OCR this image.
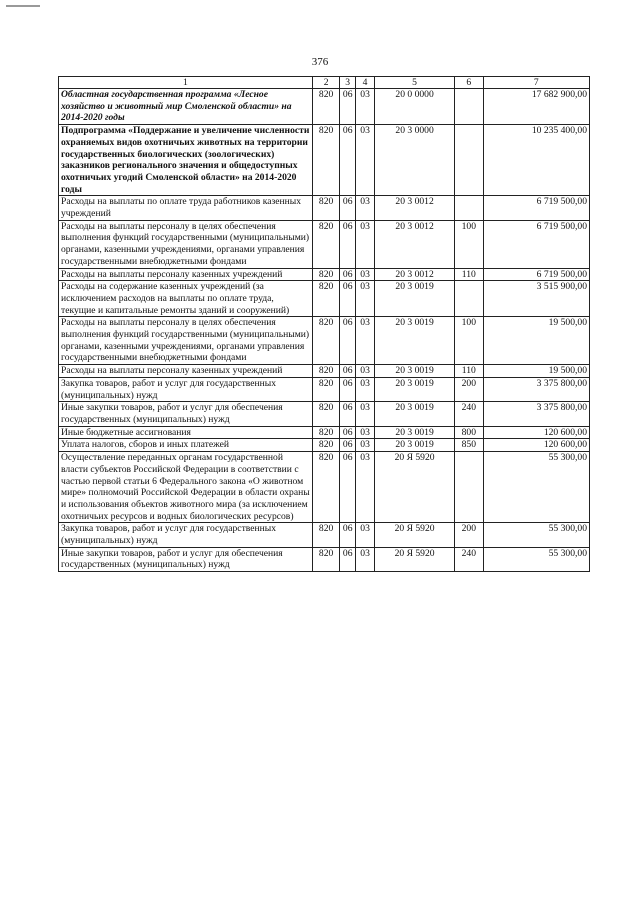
376
1	2	3	4	5	6	7
Областная государственная программа «Лесное хозяйство и животный мир Смоленской области» на 2014-2020 годы	820	06	03	20 0 0000		17 682 900,00
Подпрограмма «Поддержание и увеличение численности охраняемых видов охотничьих животных на территории государственных биологических (зоологических) заказников регионального значения и общедоступных охотничьих угодий Смоленской области» на 2014-2020 годы	820	06	03	20 3 0000		10 235 400,00
Расходы на выплаты по оплате труда работников казенных учреждений	820	06	03	20 3 0012		6 719 500,00
Расходы на выплаты персоналу в целях обеспечения выполнения функций государственными (муниципальными) органами, казенными учреждениями, органами управления государственными внебюджетными фондами	820	06	03	20 3 0012	100	6 719 500,00
Расходы на выплаты персоналу казенных учреждений	820	06	03	20 3 0012	110	6 719 500,00
Расходы на содержание казенных учреждений (за исключением расходов на выплаты по оплате труда, текущие и капитальные ремонты зданий и сооружений)	820	06	03	20 3 0019		3 515 900,00
Расходы на выплаты персоналу в целях обеспечения выполнения функций государственными (муниципальными) органами, казенными учреждениями, органами управления государственными внебюджетными фондами	820	06	03	20 3 0019	100	19 500,00
Расходы на выплаты персоналу казенных учреждений	820	06	03	20 3 0019	110	19 500,00
Закупка товаров, работ и услуг для государственных (муниципальных) нужд	820	06	03	20 3 0019	200	3 375 800,00
Иные закупки товаров, работ и услуг для обеспечения государственных (муниципальных) нужд	820	06	03	20 3 0019	240	3 375 800,00
Иные бюджетные ассигнования	820	06	03	20 3 0019	800	120 600,00
Уплата налогов, сборов и иных платежей	820	06	03	20 3 0019	850	120 600,00
Осуществление переданных органам государственной власти субъектов Российской Федерации в соответствии с частью первой статьи 6 Федерального закона «О животном мире» полномочий Российской Федерации в области охраны и использования объектов животного мира (за исключением охотничьих ресурсов и водных биологических ресурсов)	820	06	03	20 Я 5920		55 300,00
Закупка товаров, работ и услуг для государственных (муниципальных) нужд	820	06	03	20 Я 5920	200	55 300,00
Иные закупки товаров, работ и услуг для обеспечения государственных (муниципальных) нужд	820	06	03	20 Я 5920	240	55 300,00
